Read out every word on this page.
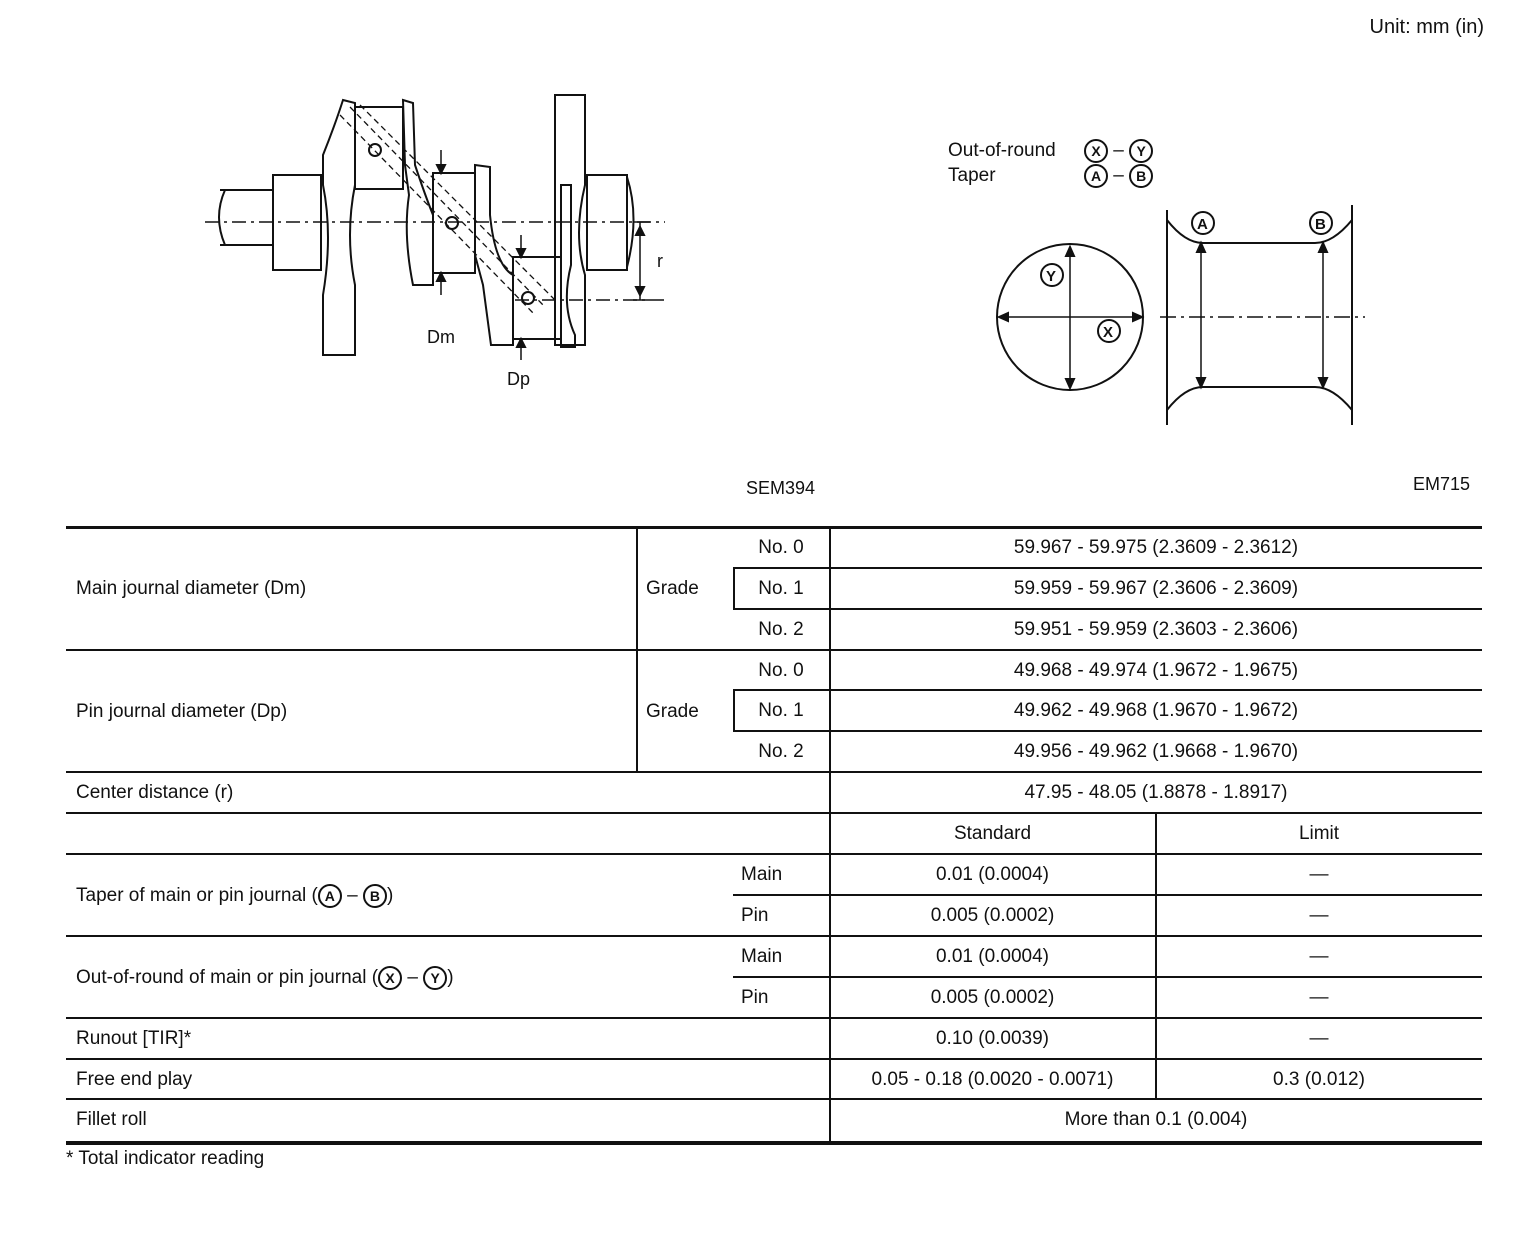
Unit: mm (in)
Dm
Dp
r
Out-of-round	X – Y
Taper	A – B
Y
X
A	B
SEM394	EM715
Main journal diameter (Dm)	Grade
No. 0	59.967 - 59.975 (2.3609 - 2.3612)
No. 1	59.959 - 59.967 (2.3606 - 2.3609)
No. 2	59.951 - 59.959 (2.3603 - 2.3606)
Pin journal diameter (Dp)	Grade
No. 0	49.968 - 49.974 (1.9672 - 1.9675)
No. 1	49.962 - 49.968 (1.9670 - 1.9672)
No. 2	49.956 - 49.962 (1.9668 - 1.9670)
Center distance (r)	47.95 - 48.05 (1.8878 - 1.8917)
Standard	Limit
Taper of main or pin journal ( A – B )
Main	0.01 (0.0004)	—
Pin	0.005 (0.0002)	—
Out-of-round of main or pin journal ( X – Y )
Main	0.01 (0.0004)	—
Pin	0.005 (0.0002)	—
Runout [TIR]*	0.10 (0.0039)	—
Free end play	0.05 - 0.18 (0.0020 - 0.0071)	0.3 (0.012)
Fillet roll	More than 0.1 (0.004)
* Total indicator reading
